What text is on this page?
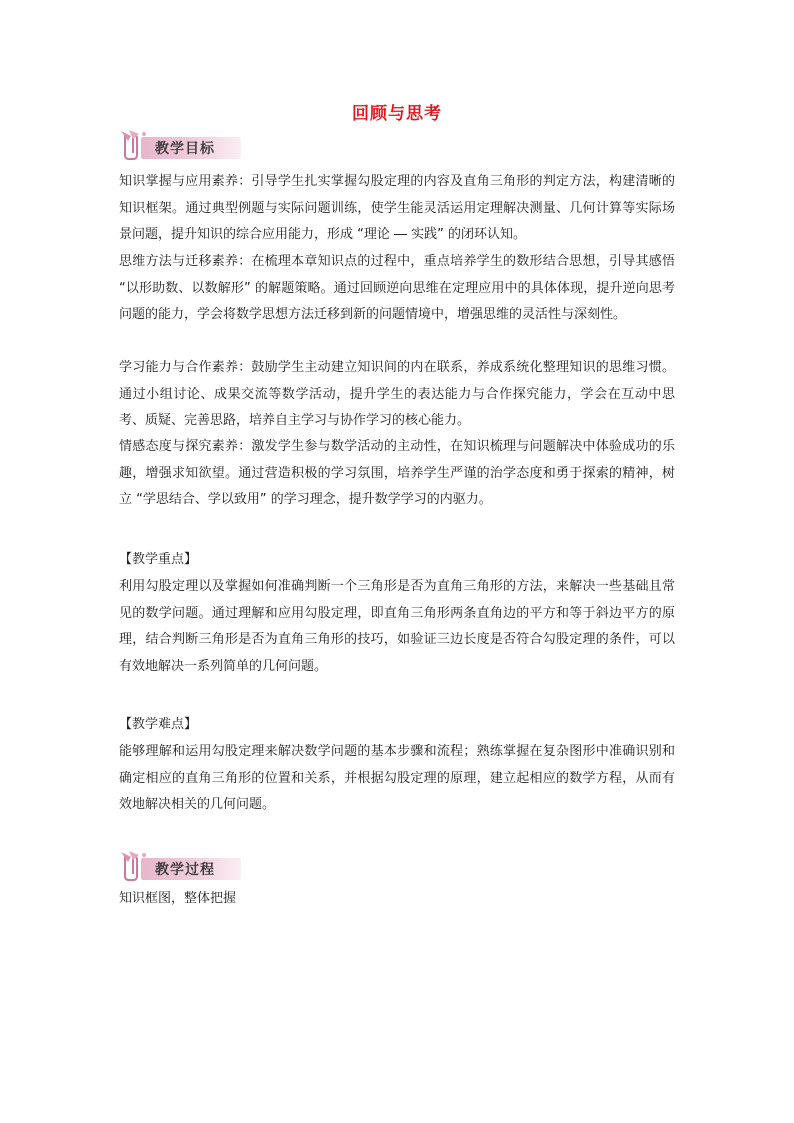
回顾与思考
教学目标

知识掌握与应用素养：引导学生扎实掌握勾股定理的内容及直角三角形的判定方法，构建清晰的知识框架。通过典型例题与实际问题训练，使学生能灵活运用定理解决测量、几何计算等实际场景问题，提升知识的综合应用能力，形成 “理论 ― 实践” 的闭环认知。

思维方法与迁移素养：在梳理本章知识点的过程中，重点培养学生的数形结合思想，引导其感悟 “以形助数、以数解形” 的解题策略。通过回顾逆向思维在定理应用中的具体体现，提升逆向思考问题的能力，学会将数学思想方法迁移到新的问题情境中，增强思维的灵活性与深刻性。

学习能力与合作素养：鼓励学生主动建立知识间的内在联系，养成系统化整理知识的思维习惯。通过小组讨论、成果交流等数学活动，提升学生的表达能力与合作探究能力，学会在互动中思考、质疑、完善思路，培养自主学习与协作学习的核心能力。

情感态度与探究素养：激发学生参与数学活动的主动性，在知识梳理与问题解决中体验成功的乐趣，增强求知欲望。通过营造积极的学习氛围，培养学生严谨的治学态度和勇于探索的精神，树立 “学思结合、学以致用” 的学习理念，提升数学学习的内驱力。

【教学重点】

利用勾股定理以及掌握如何准确判断一个三角形是否为直角三角形的方法，来解决一些基础且常见的数学问题。通过理解和应用勾股定理，即直角三角形两条直角边的平方和等于斜边平方的原理，结合判断三角形是否为直角三角形的技巧，如验证三边长度是否符合勾股定理的条件，可以有效地解决一系列简单的几何问题。

【教学难点】

能够理解和运用勾股定理来解决数学问题的基本步骤和流程；熟练掌握在复杂图形中准确识别和确定相应的直角三角形的位置和关系，并根据勾股定理的原理，建立起相应的数学方程，从而有效地解决相关的几何问题。

教学过程
知识框图，整体把握
